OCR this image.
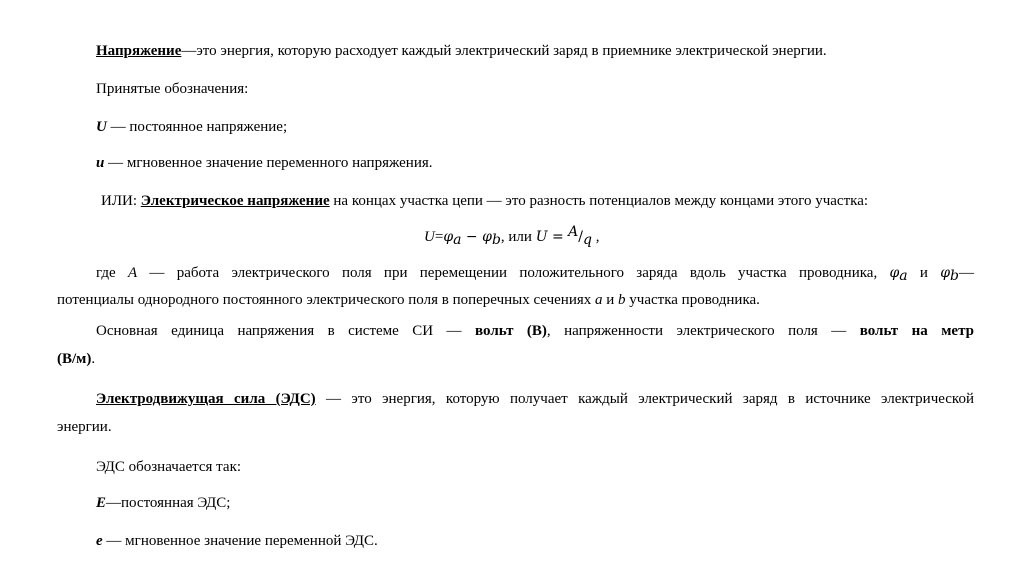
Напряжение—это энергия, которую расходует каждый электрический заряд в приемнике электрической энергии.
Принятые обозначения:
U — постоянное напряжение;
u — мгновенное значение переменного напряжения.
ИЛИ: Электрическое напряжение на концах участка цепи — это разность потенциалов между концами этого участка:
$U=\varphi_a - \varphi_b$, или $U = ^A/_q$ ,
где A — работа электрического поля при перемещении положительного заряда вдоль участка проводника, $\varphi_a$ и $\varphi_b—$
потенциалы однородного постоянного электрического поля в поперечных сечениях a и b участка проводника.
Основная единица напряжения в системе СИ — вольт (В), напряженности электрического поля — вольт на метр
(В/м).
Электродвижущая сила (ЭДС) — это энергия, которую получает каждый электрический заряд в источнике электрической
энергии.
ЭДС обозначается так:
E—постоянная ЭДС;
e — мгновенное значение переменной ЭДС.
